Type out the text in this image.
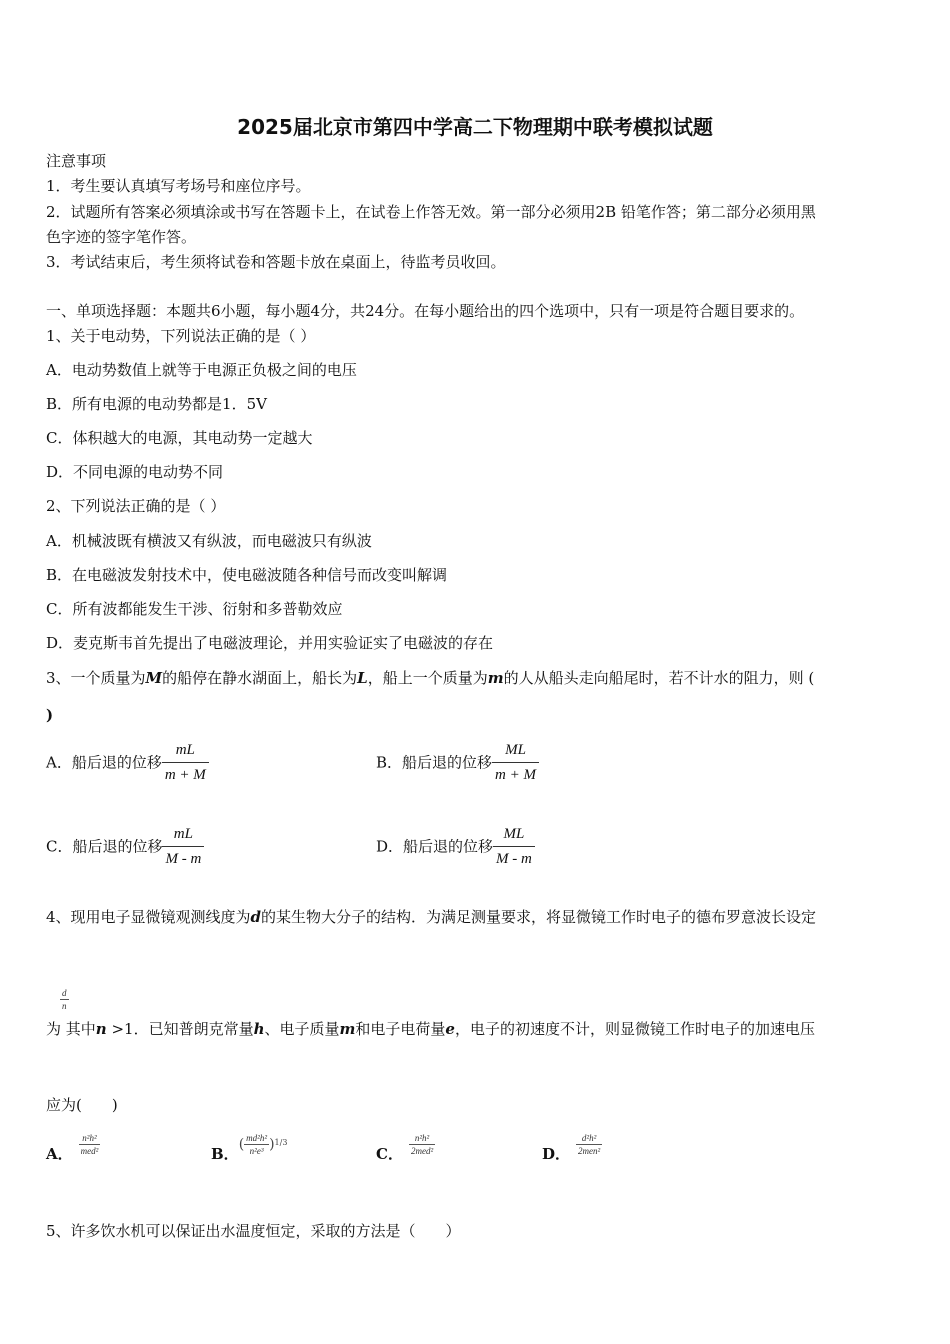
2025届北京市第四中学高二下物理期中联考模拟试题
注意事项
1．考生要认真填写考场号和座位序号。
2．试题所有答案必须填涂或书写在答题卡上，在试卷上作答无效。第一部分必须用2B 铅笔作答；第二部分必须用黑
色字迹的签字笔作答。
3．考试结束后，考生须将试卷和答题卡放在桌面上，待监考员收回。
一、单项选择题：本题共6小题，每小题4分，共24分。在每小题给出的四个选项中，只有一项是符合题目要求的。
1、关于电动势，下列说法正确的是（ ）
A．电动势数值上就等于电源正负极之间的电压
B．所有电源的电动势都是1．5V
C．体积越大的电源，其电动势一定越大
D．不同电源的电动势不同
2、下列说法正确的是（ ）
A．机械波既有横波又有纵波，而电磁波只有纵波
B．在电磁波发射技术中，使电磁波随各种信号而改变叫解调
C．所有波都能发生干涉、衍射和多普勒效应
D．麦克斯韦首先提出了电磁波理论，并用实验证实了电磁波的存在
3、一个质量为M的船停在静水湖面上，船长为L，船上一个质量为m的人从船头走向船尾时，若不计水的阻力，则 (
)
A．船后退的位移 $\frac{mL}{m + M}$	B．船后退的位移 $\frac{ML}{m + M}$
C．船后退的位移 $\frac{mL}{M - m}$	D．船后退的位移 $\frac{ML}{M - m}$
4、现用电子显微镜观测线度为d的某生物大分子的结构．为满足测量要求，将显微镜工作时电子的德布罗意波长设定
$\frac{d}{n}$
为 其中n >1．已知普朗克常量h、电子质量m和电子电荷量e，电子的初速度不计，则显微镜工作时电子的加速电压
应为(　　)
A． $\frac{\text{n²h²}}{\text{med²}}$	B．( $\frac{\text{md²h²}}{\text{n²e³}} )^{1/3}$
C． $\frac{\text{n²h²}}{\text{2med²}}$	D． $\frac{\text{d²h²}}{\text{2men²}}$
5、许多饮水机可以保证出水温度恒定，采取的方法是（　　）
